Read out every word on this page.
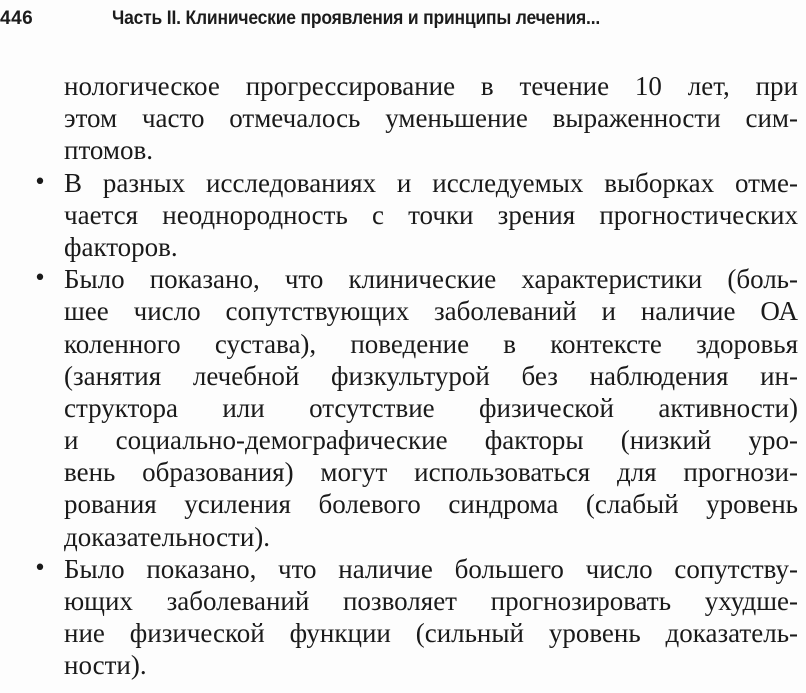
446	Часть II. Клинические проявления и принципы лечения...
нологическое прогрессирование в течение 10 лет, при
этом часто отмечалось уменьшение выраженности сим-
птомов.
• В разных исследованиях и исследуемых выборках отме-
чается неоднородность с точки зрения прогностических
факторов.
• Было показано, что клинические характеристики (боль-
шее число сопутствующих заболеваний и наличие ОА
коленного сустава), поведение в контексте здоровья
(занятия лечебной физкультурой без наблюдения ин-
структора или отсутствие физической активности)
и социально-демографические факторы (низкий уро-
вень образования) могут использоваться для прогнози-
рования усиления болевого синдрома (слабый уровень
доказательности).
• Было показано, что наличие большего число сопутству-
ющих заболеваний позволяет прогнозировать ухудше-
ние физической функции (сильный уровень доказатель-
ности).
